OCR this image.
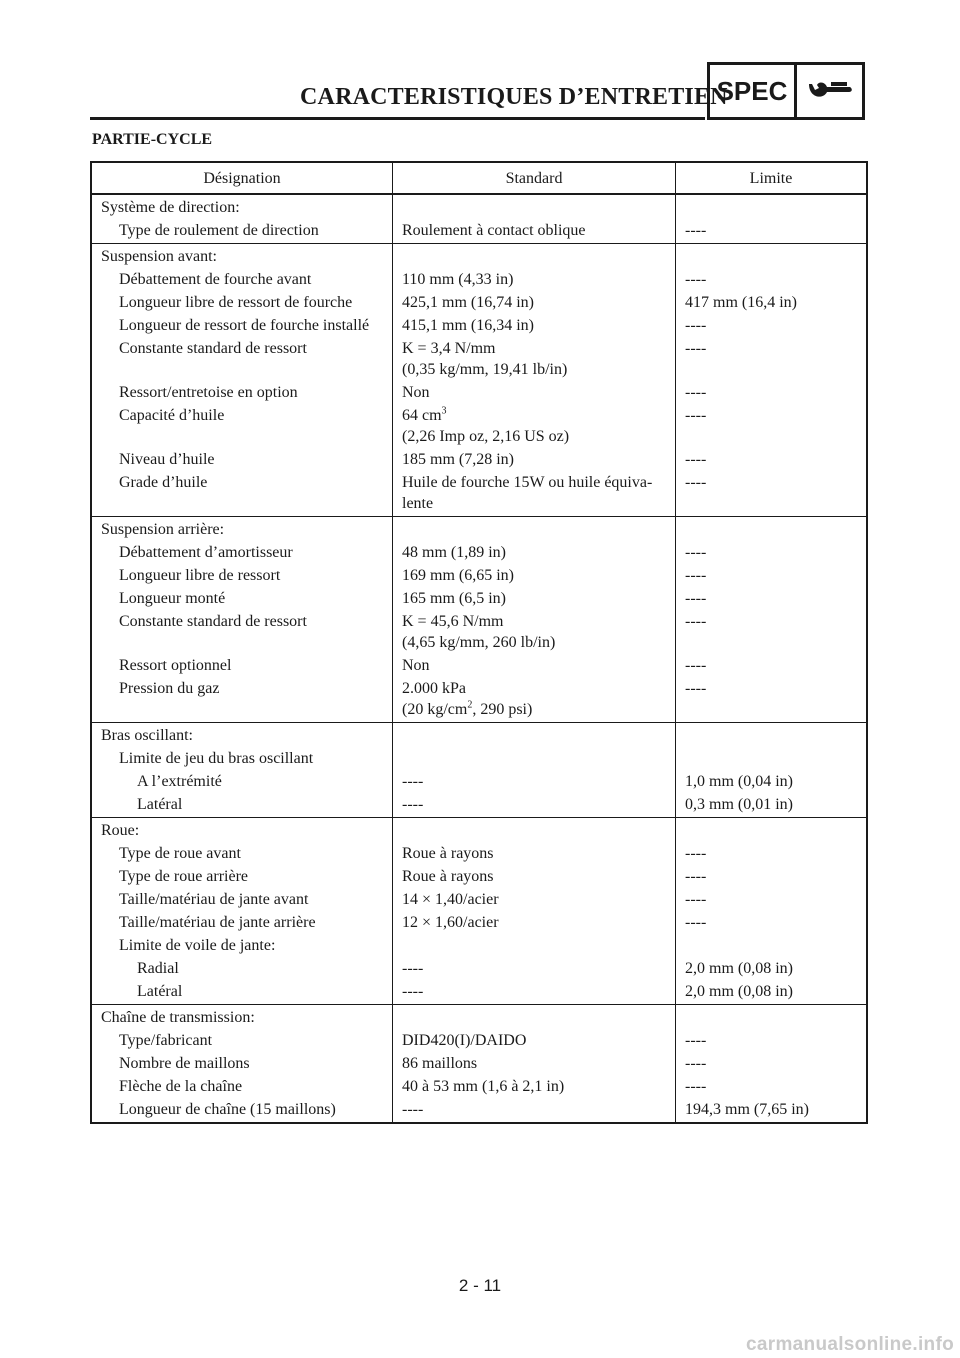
CARACTERISTIQUES D’ENTRETIEN
SPEC
PARTIE-CYCLE
Désignation	Standard	Limite

Système de direction:		

Type de roulement de direction	Roulement à contact oblique	----

Suspension avant:		

Débattement de fourche avant	110 mm (4,33 in)	----

Longueur libre de ressort de fourche	425,1 mm (16,74 in)	417 mm (16,4 in)

Longueur de ressort de fourche installé	415,1 mm (16,34 in)	----

Constante standard de ressort	K = 3,4 N/mm
(0,35 kg/mm, 19,41 lb/in)	----

Ressort/entretoise en option	Non	----

Capacité d’huile	64 $cm^3$
(2,26 Imp oz, 2,16 US oz)	----

Niveau d’huile	185 mm (7,28 in)	----

Grade d’huile	Huile de fourche 15W ou huile équiva-
lente	----

Suspension arrière:		

Débattement d’amortisseur	48 mm (1,89 in)	----

Longueur libre de ressort	169 mm (6,65 in)	----

Longueur monté	165 mm (6,5 in)	----

Constante standard de ressort	K = 45,6 N/mm
(4,65 kg/mm, 260 lb/in)	----

Ressort optionnel	Non	----

Pression du gaz	2.000 kPa
(20 $kg/cm^2$, 290 psi)	----

Bras oscillant:		

Limite de jeu du bras oscillant		

A l’extrémité	----	1,0 mm (0,04 in)

Latéral	----	0,3 mm (0,01 in)

Roue:		

Type de roue avant	Roue à rayons	----

Type de roue arrière	Roue à rayons	----

Taille/matériau de jante avant	14 × 1,40/acier	----

Taille/matériau de jante arrière	12 × 1,60/acier	----

Limite de voile de jante:		

Radial	----	2,0 mm (0,08 in)

Latéral	----	2,0 mm (0,08 in)

Chaîne de transmission:		

Type/fabricant	DID420(I)/DAIDO	----

Nombre de maillons	86 maillons	----

Flèche de la chaîne	40 à 53 mm (1,6 à 2,1 in)	----

Longueur de chaîne (15 maillons)	----	194,3 mm (7,65 in)
2 - 11
carmanualsonline.info
